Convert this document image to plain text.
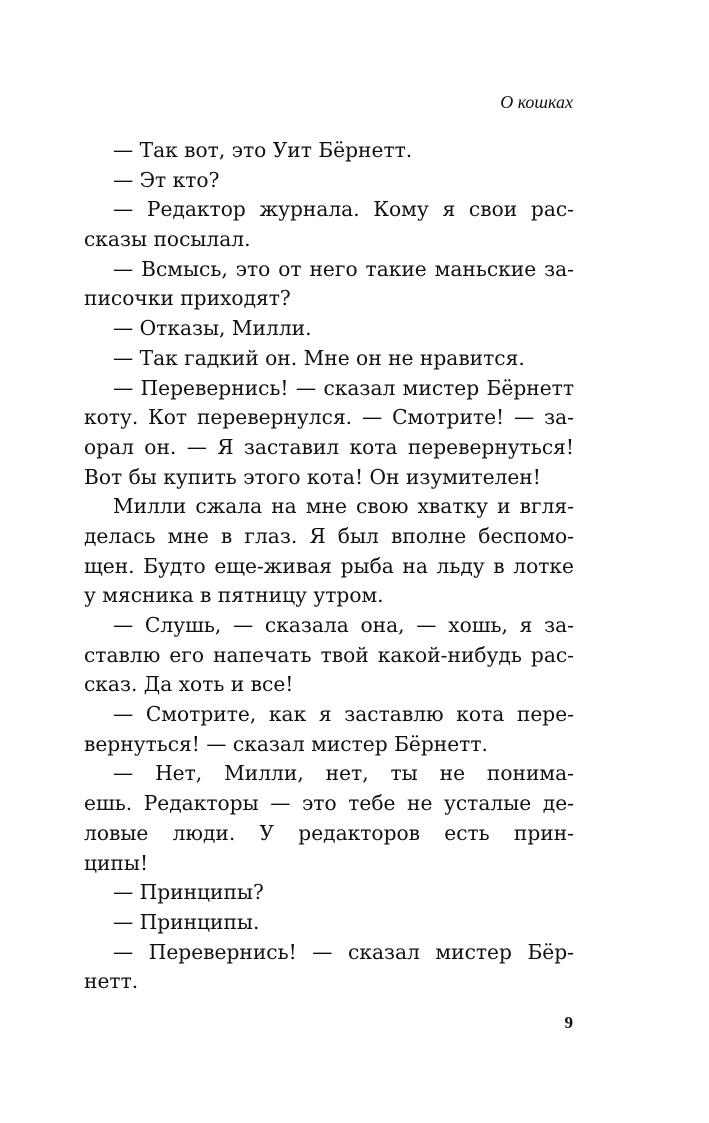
О кошках
— Так вот, это Уит Бёрнетт.
— Эт кто?
— Редактор журнала. Кому я свои рас-
сказы посылал.
— Всмысь, это от него такие маньские за-
писочки приходят?
— Отказы, Милли.
— Так гадкий он. Мне он не нравится.
— Перевернись! — сказал мистер Бёрнетт
коту. Кот перевернулся. — Смотрите! — за-
орал он. — Я заставил кота перевернуться!
Вот бы купить этого кота! Он изумителен!
Милли сжала на мне свою хватку и вгля-
делась мне в глаз. Я был вполне беспомо-
щен. Будто еще-живая рыба на льду в лотке
у мясника в пятницу утром.
— Слушь, — сказала она, — хошь, я за-
ставлю его напечать твой какой-нибудь рас-
сказ. Да хоть и все!
— Смотрите, как я заставлю кота пере-
вернуться! — сказал мистер Бёрнетт.
— Нет, Милли, нет, ты не понима-
ешь. Редакторы — это тебе не усталые де-
ловые люди. У редакторов есть прин-
ципы!
— Принципы?
— Принципы.
— Перевернись! — сказал мистер Бёр-
нетт.
9
